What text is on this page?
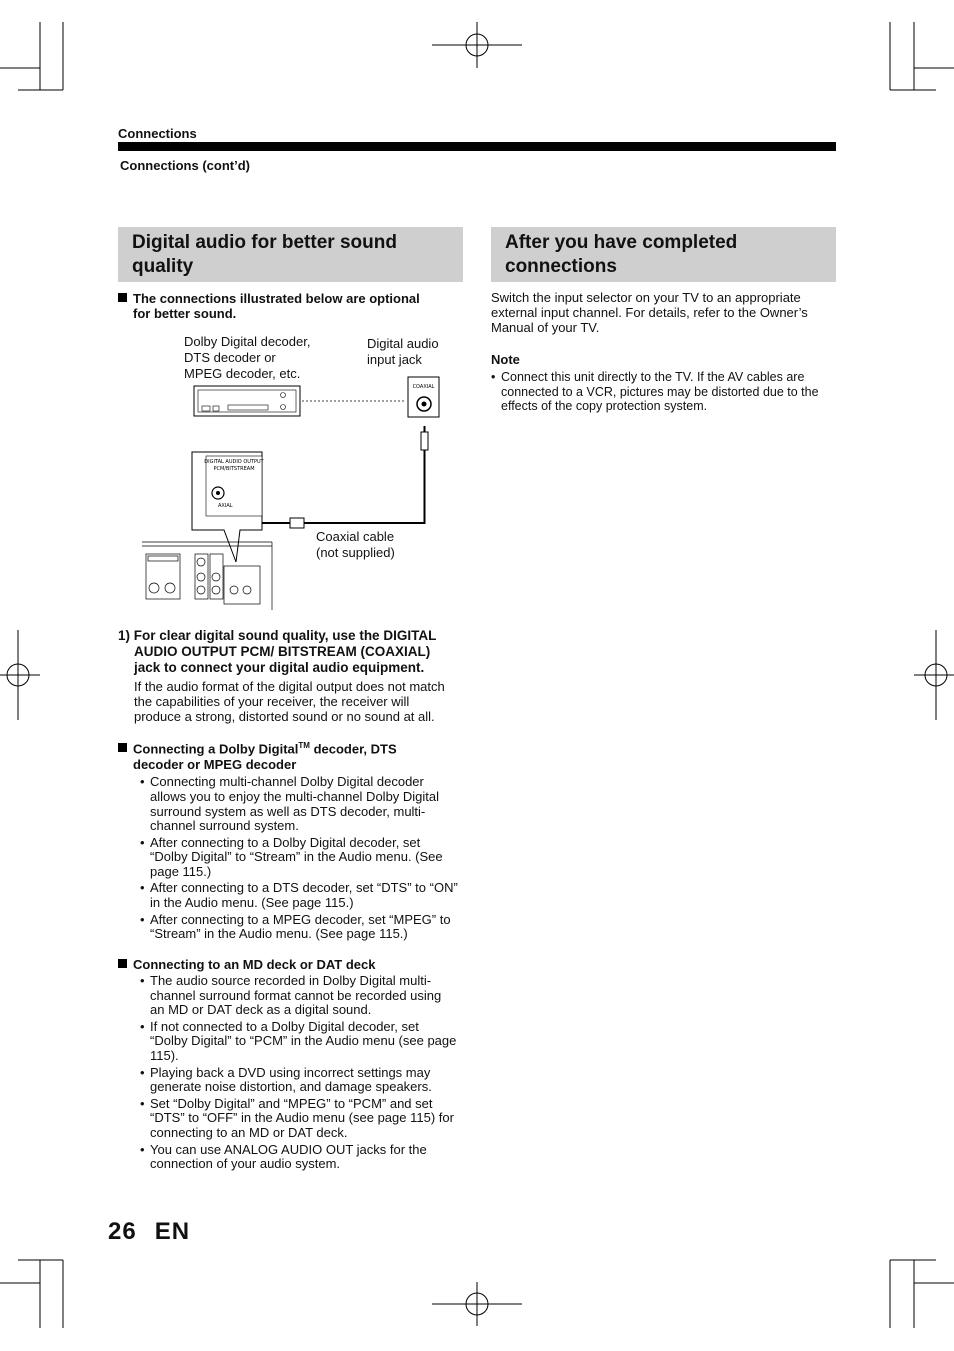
Connections
Connections (cont’d)
Digital audio for better sound
quality
The connections illustrated below are optional
for better sound.
Dolby Digital decoder,
DTS decoder or
MPEG decoder, etc.
Digital audio
input jack
Coaxial cable
(not supplied)
COAXIAL
DIGITAL AUDIO OUTPUT
PCM/BITSTREAM
AXIAL
1) For clear digital sound quality, use the DIGITAL
AUDIO OUTPUT PCM/ BITSTREAM (COAXIAL)
jack to connect your digital audio equipment.
If the audio format of the digital output does not match
the capabilities of your receiver, the receiver will
produce a strong, distorted sound or no sound at all.
Connecting a Dolby Digital™ decoder, DTS
decoder or MPEG decoder
• Connecting multi-channel Dolby Digital decoder allows you to enjoy the multi-channel Dolby Digital surround system as well as DTS decoder, multi-channel surround system.
• After connecting to a Dolby Digital decoder, set “Dolby Digital” to “Stream” in the Audio menu. (See page 115.)
• After connecting to a DTS decoder, set “DTS” to “ON” in the Audio menu. (See page 115.)
• After connecting to a MPEG decoder, set “MPEG” to “Stream” in the Audio menu. (See page 115.)
Connecting to an MD deck or DAT deck
• The audio source recorded in Dolby Digital multi-channel surround format cannot be recorded using an MD or DAT deck as a digital sound.
• If not connected to a Dolby Digital decoder, set “Dolby Digital” to “PCM” in the Audio menu (see page 115).
• Playing back a DVD using incorrect settings may generate noise distortion, and damage speakers.
• Set “Dolby Digital” and “MPEG” to “PCM” and set “DTS” to “OFF” in the Audio menu (see page 115) for connecting to an MD or DAT deck.
• You can use ANALOG AUDIO OUT jacks for the connection of your audio system.
After you have completed
connections
Switch the input selector on your TV to an appropriate external input channel. For details, refer to the Owner’s Manual of your TV.
Note
• Connect this unit directly to the TV. If the AV cables are connected to a VCR, pictures may be distorted due to the effects of the copy protection system.
26 EN
